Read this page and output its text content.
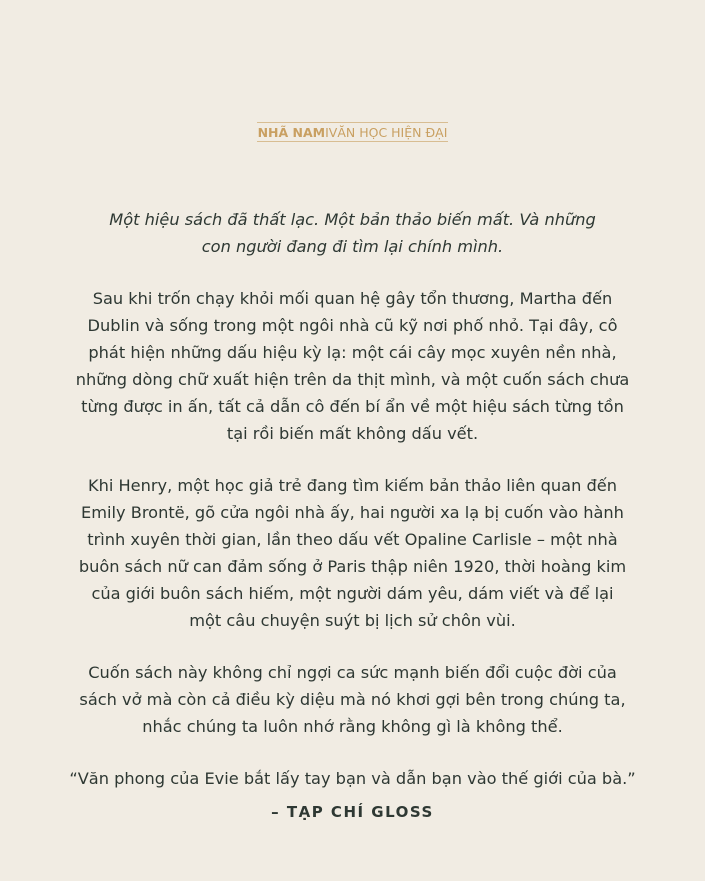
NHÃ NAMIVĂN HỌC HIỆN ĐẠI
Một hiệu sách đã thất lạc. Một bản thảo biến mất. Và những
con người đang đi tìm lại chính mình.
Sau khi trốn chạy khỏi mối quan hệ gây tổn thương, Martha đến
Dublin và sống trong một ngôi nhà cũ kỹ nơi phố nhỏ. Tại đây, cô
phát hiện những dấu hiệu kỳ lạ: một cái cây mọc xuyên nền nhà,
những dòng chữ xuất hiện trên da thịt mình, và một cuốn sách chưa
từng được in ấn, tất cả dẫn cô đến bí ẩn về một hiệu sách từng tồn
tại rồi biến mất không dấu vết.
Khi Henry, một học giả trẻ đang tìm kiếm bản thảo liên quan đến
Emily Brontë, gõ cửa ngôi nhà ấy, hai người xa lạ bị cuốn vào hành
trình xuyên thời gian, lần theo dấu vết Opaline Carlisle – một nhà
buôn sách nữ can đảm sống ở Paris thập niên 1920, thời hoàng kim
của giới buôn sách hiếm, một người dám yêu, dám viết và để lại
một câu chuyện suýt bị lịch sử chôn vùi.
Cuốn sách này không chỉ ngợi ca sức mạnh biến đổi cuộc đời của
sách vở mà còn cả điều kỳ diệu mà nó khơi gợi bên trong chúng ta,
nhắc chúng ta luôn nhớ rằng không gì là không thể.
“Văn phong của Evie bắt lấy tay bạn và dẫn bạn vào thế giới của bà.”
– TẠP CHÍ GLOSS
